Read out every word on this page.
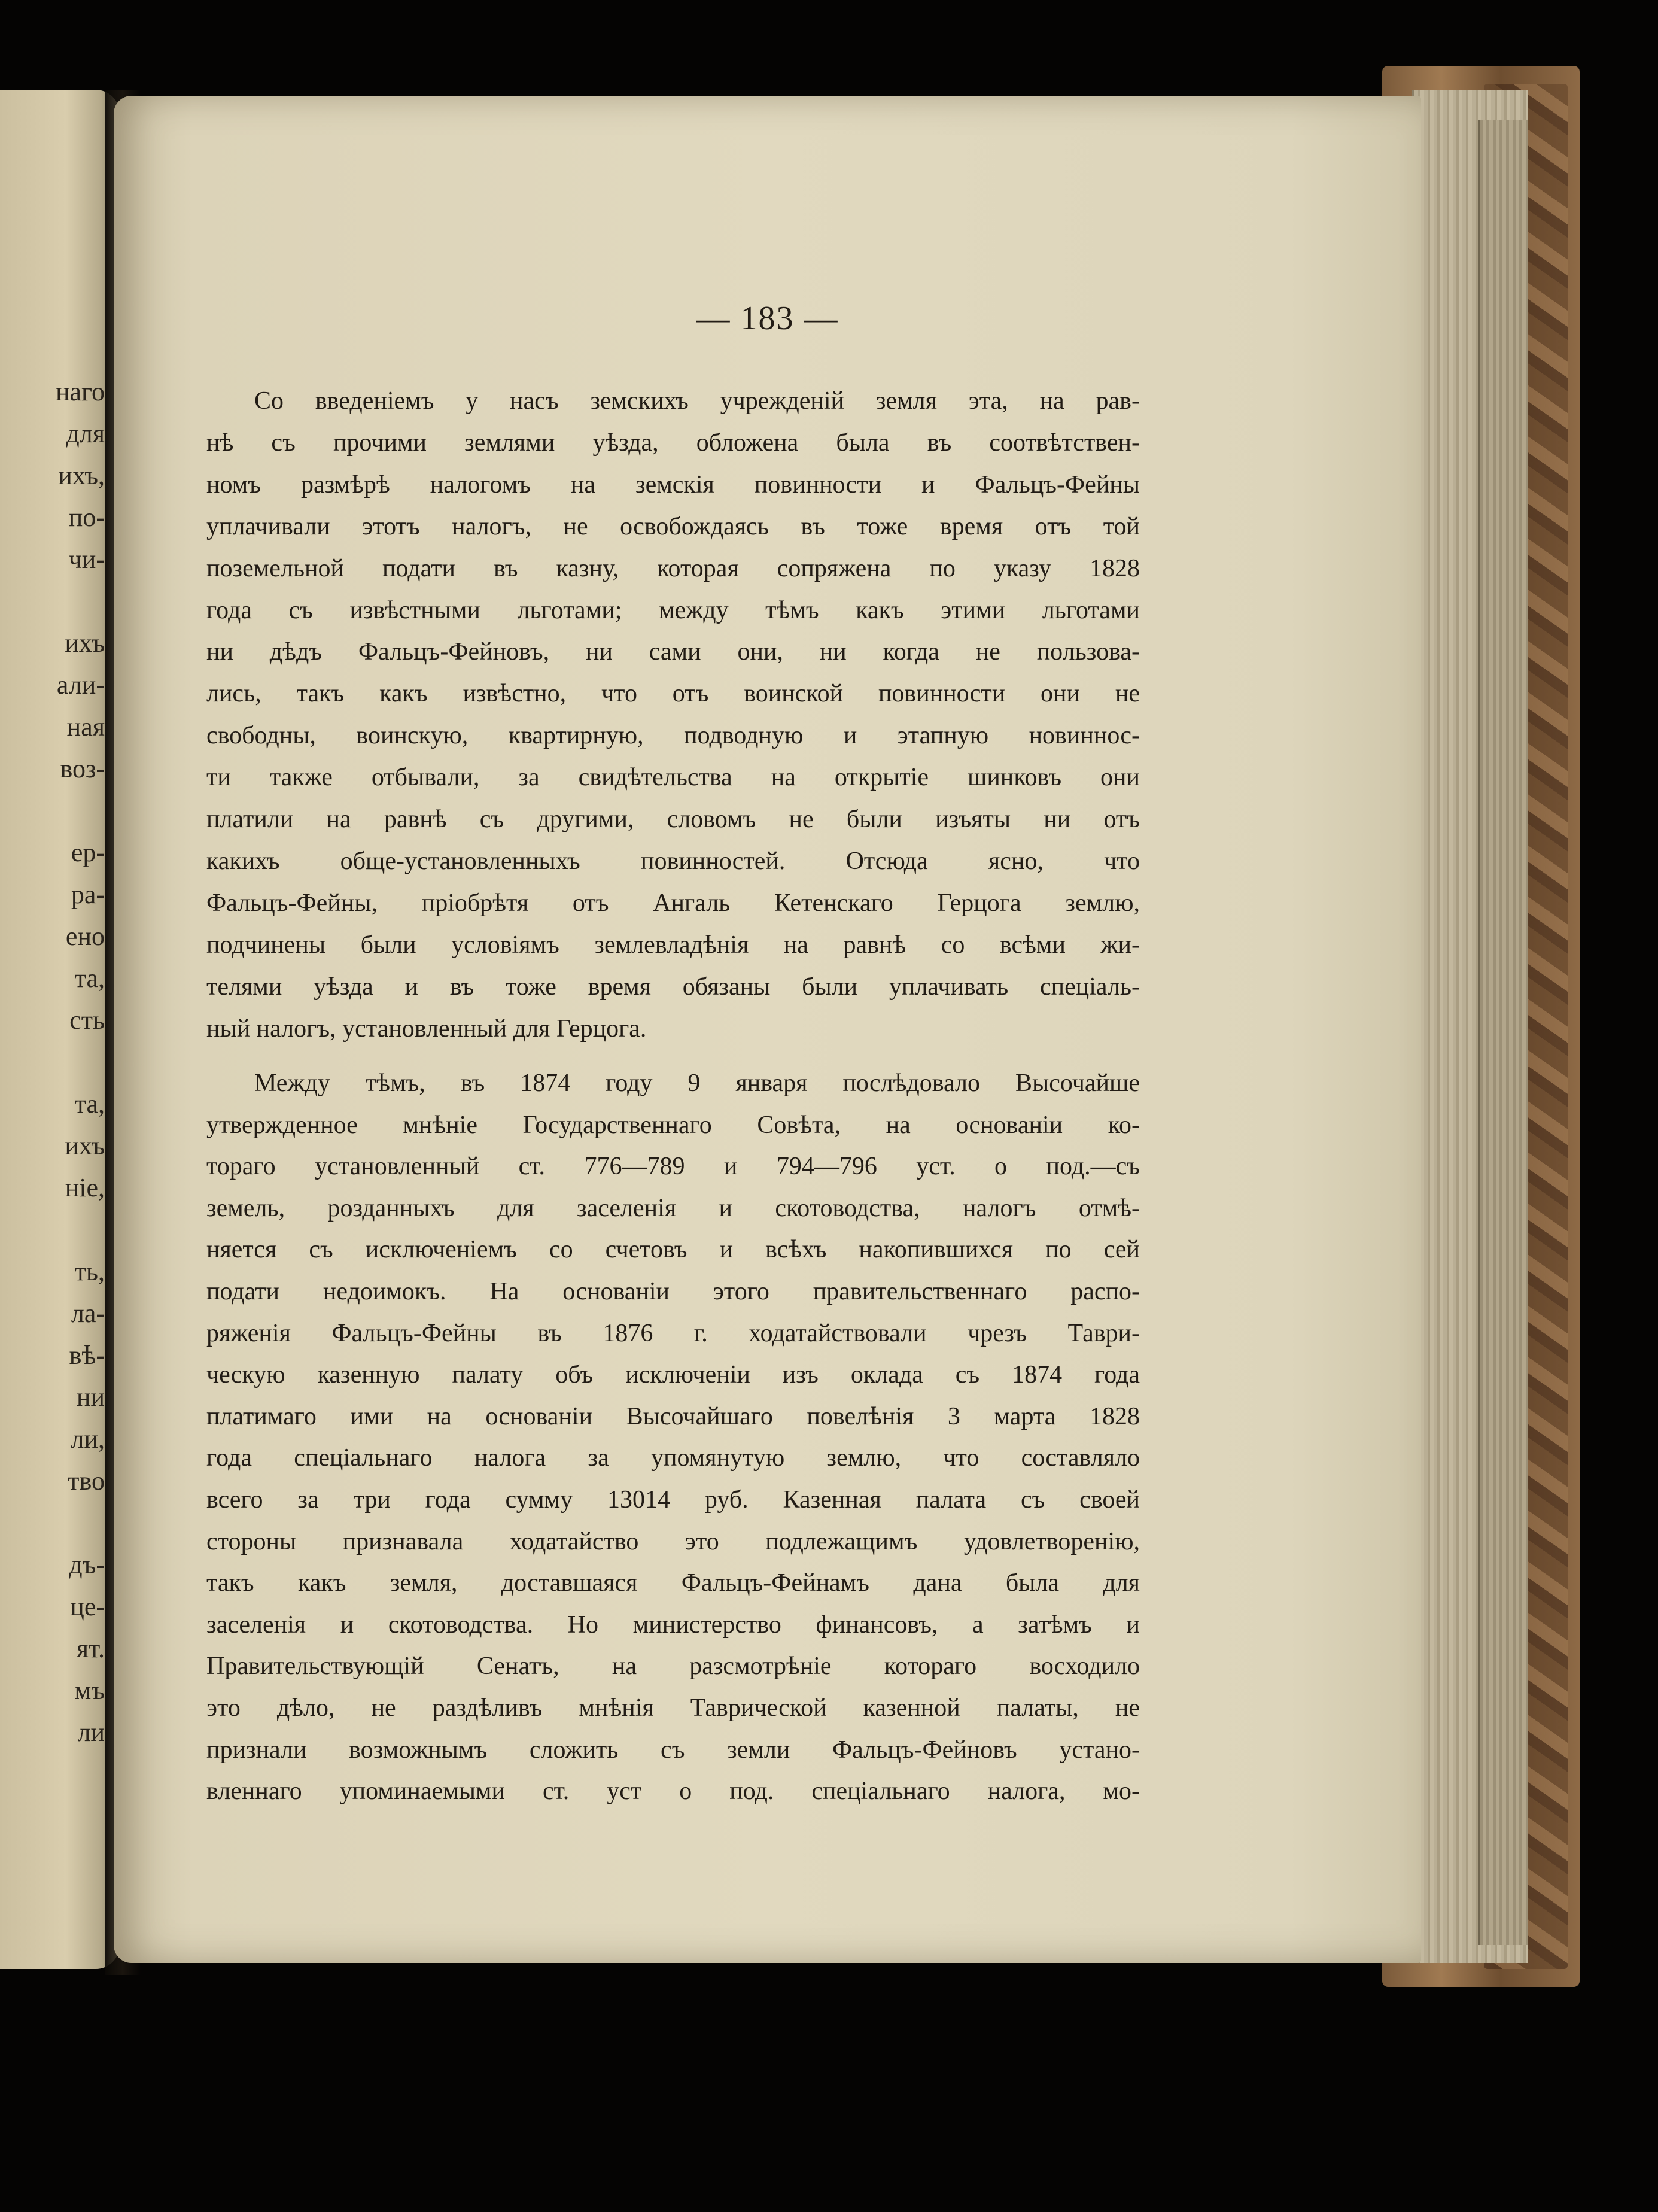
наго
для
ихъ,
по-
чи-
ихъ
али-
ная
воз-
ер-
ра-
ено
та,
сть
та,
ихъ
ніе,
ть,
ла-
вѣ-
ни
ли,
тво
дъ-
це-
ят.
мъ
ли
— 183 —
Со введеніемъ у насъ земскихъ учрежденій земля эта, на рав-
нѣ съ прочими землями уѣзда, обложена была въ соотвѣтствен-
номъ размѣрѣ налогомъ на земскія повинности и Фальцъ-Фейны
уплачивали этотъ налогъ, не освобождаясь въ тоже время отъ той
поземельной подати въ казну, которая сопряжена по указу 1828
года съ извѣстными льготами; между тѣмъ какъ этими льготами
ни дѣдъ Фальцъ-Фейновъ, ни сами они, ни когда не пользова-
лись, такъ какъ извѣстно, что отъ воинской повинности они не
свободны, воинскую, квартирную, подводную и этапную новиннос-
ти также отбывали, за свидѣтельства на открытіе шинковъ они
платили на равнѣ съ другими, словомъ не были изъяты ни отъ
какихъ обще-установленныхъ повинностей. Отсюда ясно, что
Фальцъ-Фейны, пріобрѣтя отъ Ангаль Кетенскаго Герцога землю,
подчинены были условіямъ землевладѣнія на равнѣ со всѣми жи-
телями уѣзда и въ тоже время обязаны были уплачивать спеціаль-
ный налогъ, установленный для Герцога.
Между тѣмъ, въ 1874 году 9 января послѣдовало Высочайше
утвержденное мнѣніе Государственнаго Совѣта, на основаніи ко-
тораго установленный ст. 776—789 и 794—796 уст. о под.—съ
земель, розданныхъ для заселенія и скотоводства, налогъ отмѣ-
няется съ исключеніемъ со счетовъ и всѣхъ накопившихся по сей
подати недоимокъ. На основаніи этого правительственнаго распо-
ряженія Фальцъ-Фейны въ 1876 г. ходатайствовали чрезъ Таври-
ческую казенную палату объ исключеніи изъ оклада съ 1874 года
платимаго ими на основаніи Высочайшаго повелѣнія 3 марта 1828
года спеціальнаго налога за упомянутую землю, что составляло
всего за три года сумму 13014 руб. Казенная палата съ своей
стороны признавала ходатайство это подлежащимъ удовлетворенію,
такъ какъ земля, доставшаяся Фальцъ-Фейнамъ дана была для
заселенія и скотоводства. Но министерство финансовъ, а затѣмъ и
Правительствующій Сенатъ, на разсмотрѣніе котораго восходило
это дѣло, не раздѣливъ мнѣнія Таврической казенной палаты, не
признали возможнымъ сложить съ земли Фальцъ-Фейновъ устано-
вленнаго упоминаемыми ст. уст о под. спеціальнаго налога, мо-
